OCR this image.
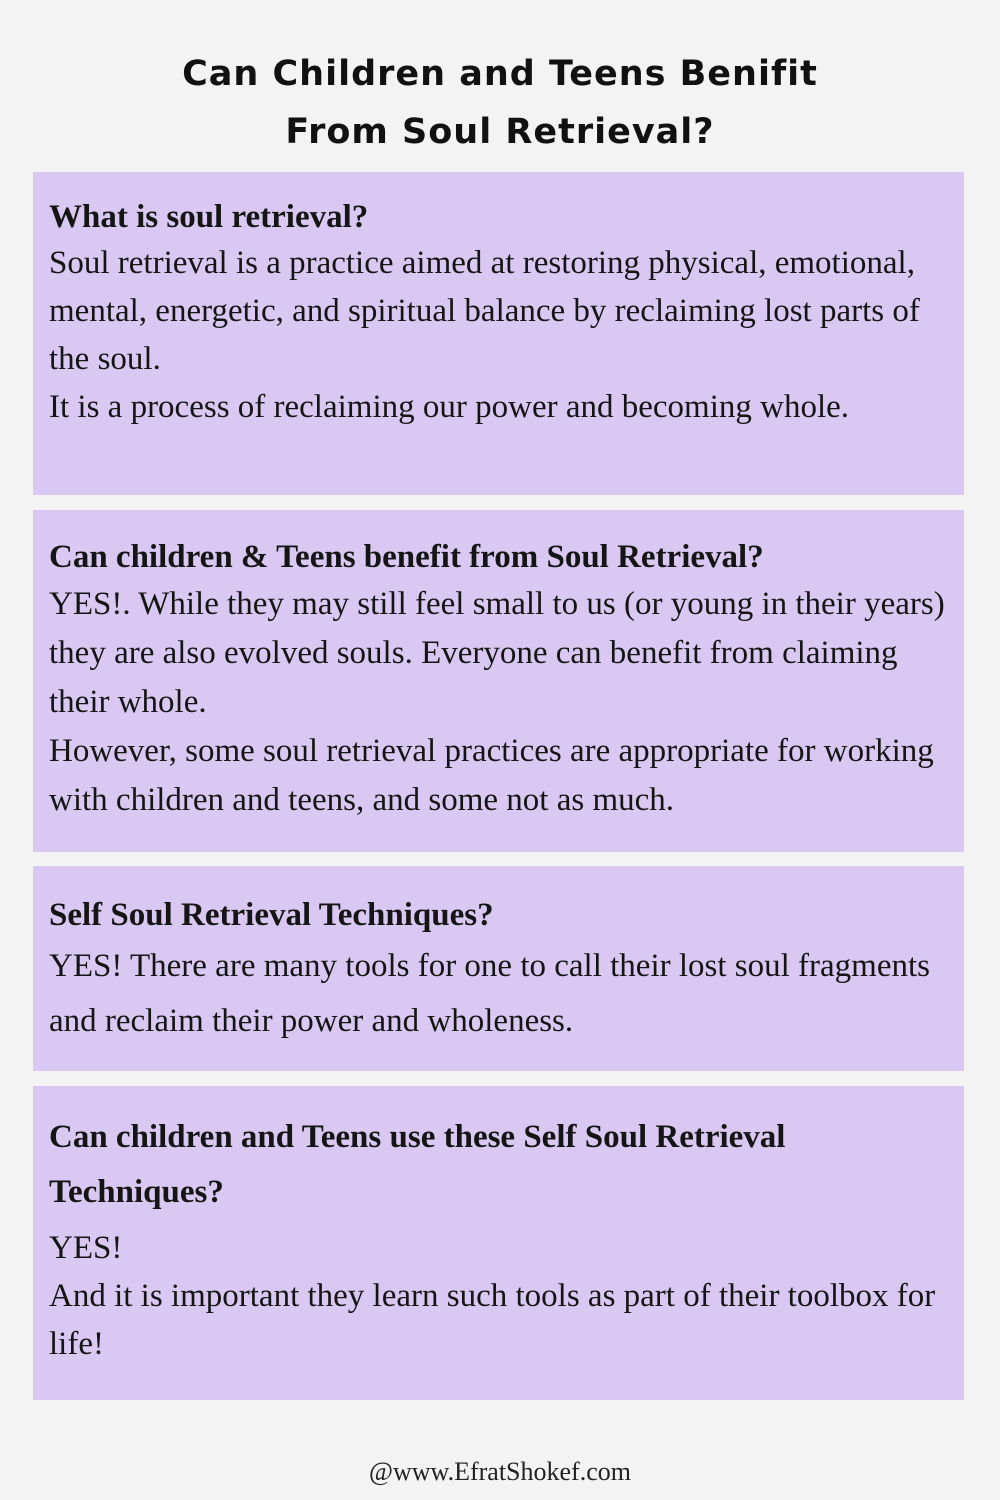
Can Children and Teens Benifit
From Soul Retrieval?
What is soul retrieval?

Soul retrieval is a practice aimed at restoring physical, emotional, mental, energetic, and spiritual balance by reclaiming lost parts of the soul.

It is a process of reclaiming our power and becoming whole.

Can children & Teens benefit from Soul Retrieval?

YES!. While they may still feel small to us (or young in their years) they are also evolved souls. Everyone can benefit from claiming their whole.

However, some soul retrieval practices are appropriate for working with children and teens, and some not as much.

Self Soul Retrieval Techniques?

YES! There are many tools for one to call their lost soul fragments and reclaim their power and wholeness.

Can children and Teens use these Self Soul Retrieval Techniques?

YES!

And it is important they learn such tools as part of their toolbox for life!

@www.EfratShokef.com
